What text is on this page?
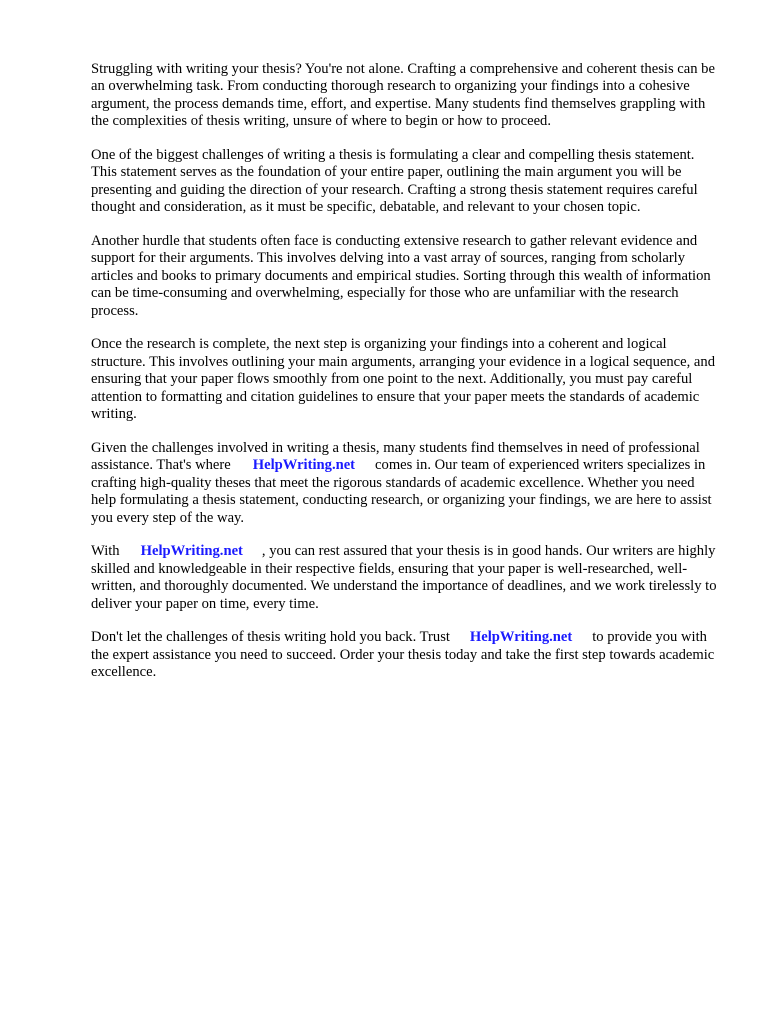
Struggling with writing your thesis? You're not alone. Crafting a comprehensive and coherent thesis can be an overwhelming task. From conducting thorough research to organizing your findings into a cohesive argument, the process demands time, effort, and expertise. Many students find themselves grappling with the complexities of thesis writing, unsure of where to begin or how to proceed.

One of the biggest challenges of writing a thesis is formulating a clear and compelling thesis statement. This statement serves as the foundation of your entire paper, outlining the main argument you will be presenting and guiding the direction of your research. Crafting a strong thesis statement requires careful thought and consideration, as it must be specific, debatable, and relevant to your chosen topic.

Another hurdle that students often face is conducting extensive research to gather relevant evidence and support for their arguments. This involves delving into a vast array of sources, ranging from scholarly articles and books to primary documents and empirical studies. Sorting through this wealth of information can be time-consuming and overwhelming, especially for those who are unfamiliar with the research process.

Once the research is complete, the next step is organizing your findings into a coherent and logical structure. This involves outlining your main arguments, arranging your evidence in a logical sequence, and ensuring that your paper flows smoothly from one point to the next. Additionally, you must pay careful attention to formatting and citation guidelines to ensure that your paper meets the standards of academic writing.

Given the challenges involved in writing a thesis, many students find themselves in need of professional assistance. That's where HelpWriting.net comes in. Our team of experienced writers specializes in crafting high-quality theses that meet the rigorous standards of academic excellence. Whether you need help formulating a thesis statement, conducting research, or organizing your findings, we are here to assist you every step of the way.

With HelpWriting.net , you can rest assured that your thesis is in good hands. Our writers are highly skilled and knowledgeable in their respective fields, ensuring that your paper is well-researched, well-written, and thoroughly documented. We understand the importance of deadlines, and we work tirelessly to deliver your paper on time, every time.

Don't let the challenges of thesis writing hold you back. Trust HelpWriting.net to provide you with the expert assistance you need to succeed. Order your thesis today and take the first step towards academic excellence.
